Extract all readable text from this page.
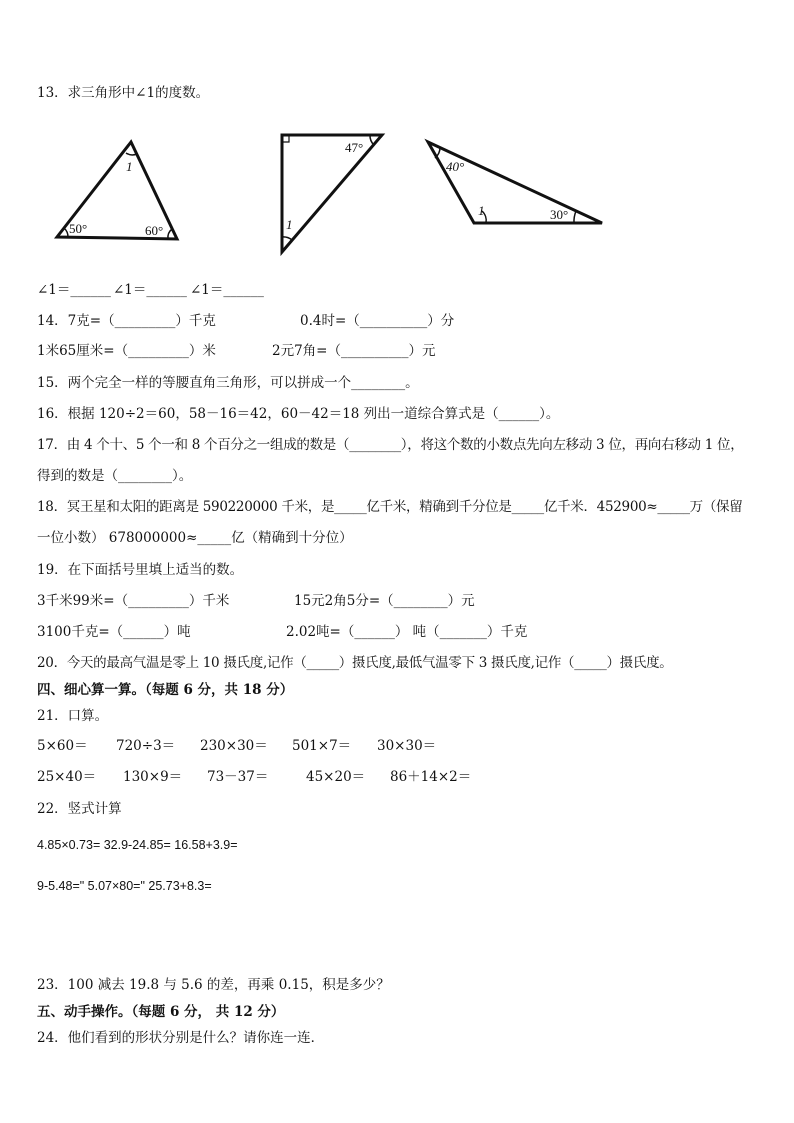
13．求三角形中∠1的度数。
1
50°	60°
47°
1
40°
1	30°
∠1＝______ ∠1＝______ ∠1＝______
14．7克=（_________）千克	0.4时=（__________）分
1米65厘米=（_________）米	2元7角=（__________）元
15．两个完全一样的等腰直角三角形，可以拼成一个________。
16．根据 120÷2＝60，58－16＝42，60－42＝18 列出一道综合算式是（______）。
17．由 4 个十、5 个一和 8 个百分之一组成的数是（________），将这个数的小数点先向左移动 3 位，再向右移动 1 位，
得到的数是（________）。
18．冥王星和太阳的距离是 590220000 千米，是_____亿千米，精确到千分位是_____亿千米．452900≈_____万（保留
一位小数） 678000000≈_____亿（精确到十分位）
19．在下面括号里填上适当的数。
3千米99米=（_________）千米	15元2角5分=（________）元
3100千克=（______）吨	2.02吨=（______） 吨（_______）千克
20．今天的最高气温是零上 10 摄氏度,记作（_____）摄氏度,最低气温零下 3 摄氏度,记作（_____）摄氏度。
四、细心算一算。（每题 6 分，共 18 分）
21．口算。
5×60＝ 720÷3＝ 230×30＝ 501×7＝ 30×30＝
25×40＝ 130×9＝ 73－37＝	45×20＝ 86＋14×2＝
22．竖式计算
4.85×0.73= 32.9-24.85= 16.58+3.9=
9-5.48=" 5.07×80=" 25.73+8.3=
23．100 减去 19.8 与 5.6 的差，再乘 0.15，积是多少？
五、动手操作。（每题 6 分， 共 12 分）
24．他们看到的形状分别是什么？请你连一连．
